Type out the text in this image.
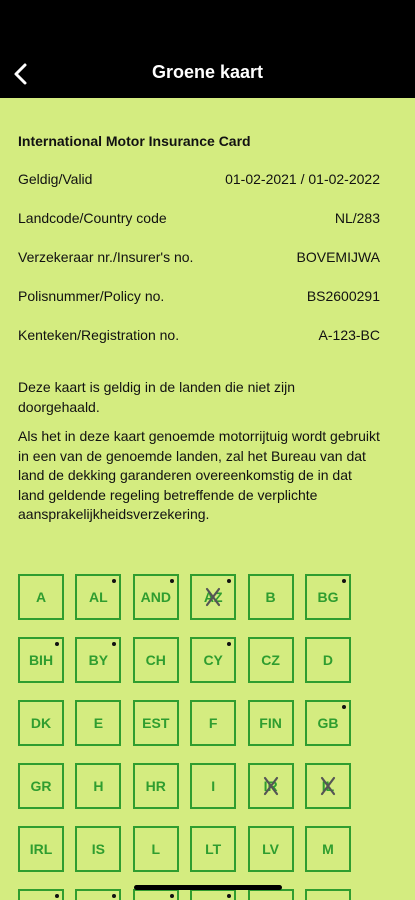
Groene kaart
International Motor Insurance Card
Geldig/Valid	01-02-2021 / 01-02-2022
Landcode/Country code	NL/283
Verzekeraar nr./Insurer's no.	BOVEMIJWA
Polisnummer/Policy no.	BS2600291
Kenteken/Registration no.	A-123-BC

Deze kaart is geldig in de landen die niet zijn doorgehaald.

Als het in deze kaart genoemde motorrijtuig wordt gebruikt in een van de genoemde landen, zal het Bureau van dat land de dekking garanderen overeenkomstig de in dat land geldende regeling betreffende de verplichte aansprakelijkheidsverzekering.

A	AL AND AZ	B	BG
BIH	BY	CH	CY	CZ	D
DK	E	EST	F	FIN	GB
GR	H	HR	I	IR	IL
IRL	IS	L	LT	LV	M
